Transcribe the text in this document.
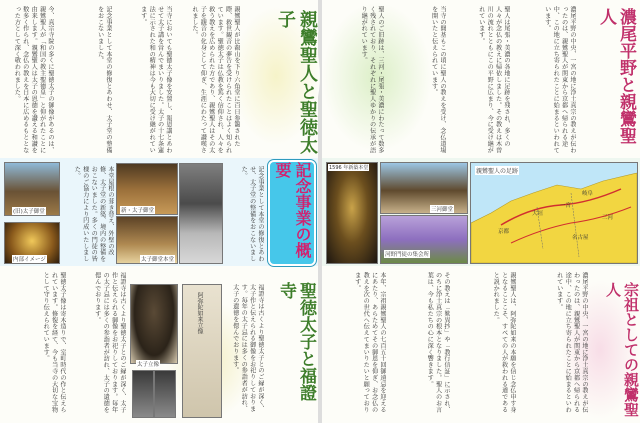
今、真宗寺院の多くに聖徳太子の御像があるのは、親鸞聖人が「和国の教主聖徳皇」と仰がれたことに由来します。親鸞聖人は太子の恩徳を讃える和讃を数多く作られ、念仏の教えを日本に広めるもととなった方として深く敬われました。	記念事業として本堂の修復とあわせ、太子堂の整備をおこないました。	当寺においても聖徳太子像を安置し、報恩講とあわせて太子講を営んでまいりました。太子の十七条憲法に示された和の精神は今も大切に受け継がれています。	親鸞聖人が比叡山を下り六角堂に百日参籠された際、救世観音の夢告を受けられたことはよく知られています。聖徳太子は仏教を篤く信仰され、人々を救う教えを広められた方であり、親鸞聖人はその太子を観音の化身として仰ぎ、生涯にわたって讃嘆されました。	親鸞聖人と聖徳太子
(旧)太子御堂
内部イメージ
本堂屋根の葺き替え、外壁の改修、太子堂の新築、境内の整備をおこないました。多くの門徒の皆様のご協力により円成いたしました。
新・太子御堂
太子御堂本堂	記念事業として本堂の修復とあわせ、太子堂の整備をおこないました。	記念事業の概要
聖徳太子像は寄木造りで、室町時代の作と伝えられています。修復を経て、今も当寺の大切な宝物として守り伝えられています。	福證寺は古くより聖徳太子とのご縁が深く、太子作と伝えられる御像をお祀りしております。毎年の太子忌には多くの参詣者が訪れ、太子の遺徳を偲んでおります。
太子立像
阿弥陀如来立像	福證寺は古くより聖徳太子とのご縁が深く、太子作と伝えられる御像をお祀りしております。毎年の太子忌には多くの参詣者が訪れ、太子の遺徳を偲んでおります。	聖徳太子と福證寺
聖人のご旧跡は、三河・尾張・美濃にわたって数多く残されており、それぞれに聖人ゆかりの伝承が語り継がれています。	当寺の開基もこの頃に聖人の教えを受け、念仏道場を開いたと伝えられています。	聖人は尾張・美濃の各地に足跡を残され、多くの人々が念仏の教えに帰依しました。その教えは木曽川の流れとともにこの平野に広まり、今に受け継がれています。	濃尾平野の中央、一宮の地に浄土真宗の教えが伝わったのは、親鸞聖人が関東から京都へ帰られる途中、この地に立ち寄られたことに始まるといわれています。	濃尾平野と親鸞聖人
1596 年新築本堂
三河御堂
河野門徒の集会所
親鸞聖人の足跡
京都
大垣
一宮
三河
岐阜
名古屋
本年、宗祖親鸞聖人の七百五十回御遠忌を迎えるにあたり、あらためてその御恩を仰ぎ、お念仏の教えを次の世代へ伝えてまいりたいと願っております。	その教えは「歎異抄」や「教行信証」に示され、のちに浄土真宗の根本となりました。聖人のお言葉は、今も私たちの心に深く響きます。	親鸞聖人は、阿弥陀如来の本願を信じ念仏申す身となることこそ、すべての人が救われる道であると説かれました。	濃尾平野の中央、一宮の地に浄土真宗の教えが伝わったのは、親鸞聖人が関東から京都へ帰られる途中、この地に立ち寄られたことに始まるといわれています。	宗祖としての親鸞聖人
